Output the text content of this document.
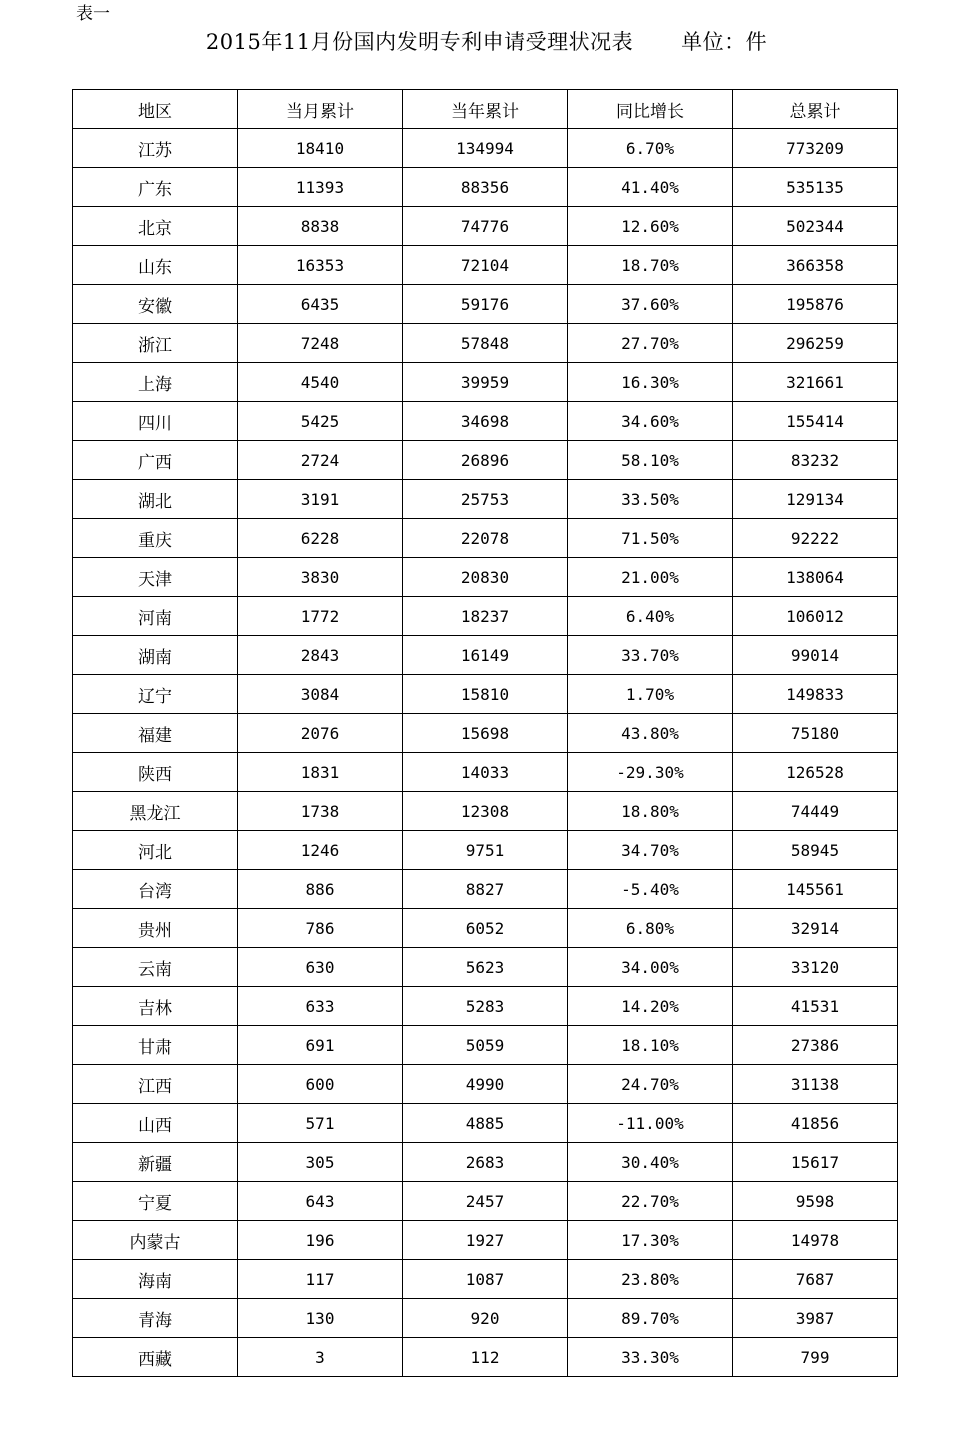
表一
2015年11月份国内发明专利申请受理状况表 单位：件
地区	当月累计	当年累计	同比增长	总累计
江苏	18410	134994	6.70%	773209
广东	11393	88356	41.40%	535135
北京	8838	74776	12.60%	502344
山东	16353	72104	18.70%	366358
安徽	6435	59176	37.60%	195876
浙江	7248	57848	27.70%	296259
上海	4540	39959	16.30%	321661
四川	5425	34698	34.60%	155414
广西	2724	26896	58.10%	83232
湖北	3191	25753	33.50%	129134
重庆	6228	22078	71.50%	92222
天津	3830	20830	21.00%	138064
河南	1772	18237	6.40%	106012
湖南	2843	16149	33.70%	99014
辽宁	3084	15810	1.70%	149833
福建	2076	15698	43.80%	75180
陕西	1831	14033	-29.30%	126528
黑龙江	1738	12308	18.80%	74449
河北	1246	9751	34.70%	58945
台湾	886	8827	-5.40%	145561
贵州	786	6052	6.80%	32914
云南	630	5623	34.00%	33120
吉林	633	5283	14.20%	41531
甘肃	691	5059	18.10%	27386
江西	600	4990	24.70%	31138
山西	571	4885	-11.00%	41856
新疆	305	2683	30.40%	15617
宁夏	643	2457	22.70%	9598
内蒙古	196	1927	17.30%	14978
海南	117	1087	23.80%	7687
青海	130	920	89.70%	3987
西藏	3	112	33.30%	799
